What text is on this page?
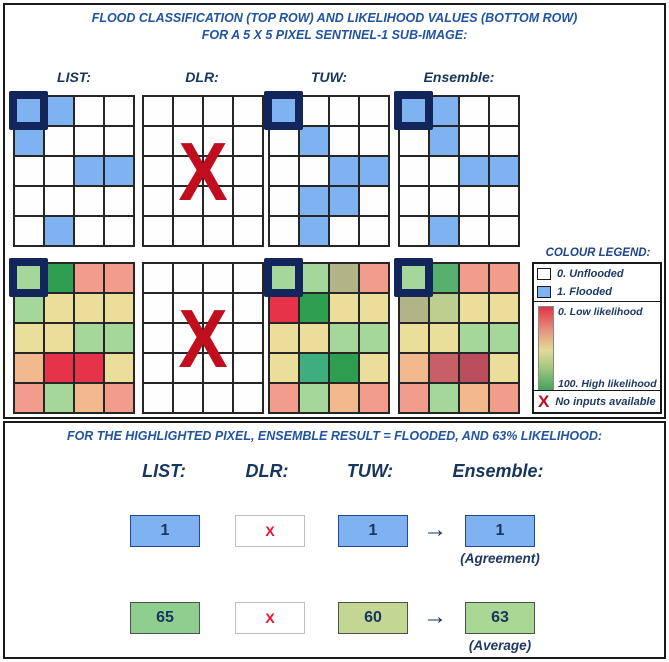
FLOOD CLASSIFICATION (TOP ROW) AND LIKELIHOOD VALUES (BOTTOM ROW)
FOR A 5 X 5 PIXEL SENTINEL-1 SUB-IMAGE:
LIST:	DLR:	TUW:	Ensemble:
X
X
COLOUR LEGEND:
0. Unflooded
1. Flooded
0. Low likelihood
100. High likelihood
X No inputs available
FOR THE HIGHLIGHTED PIXEL, ENSEMBLE RESULT = FLOODED, AND 63% LIKELIHOOD:
LIST:	DLR:	TUW:	Ensemble:
1	X	1	→	1
(Agreement)
65	X	60	→	63
(Average)
